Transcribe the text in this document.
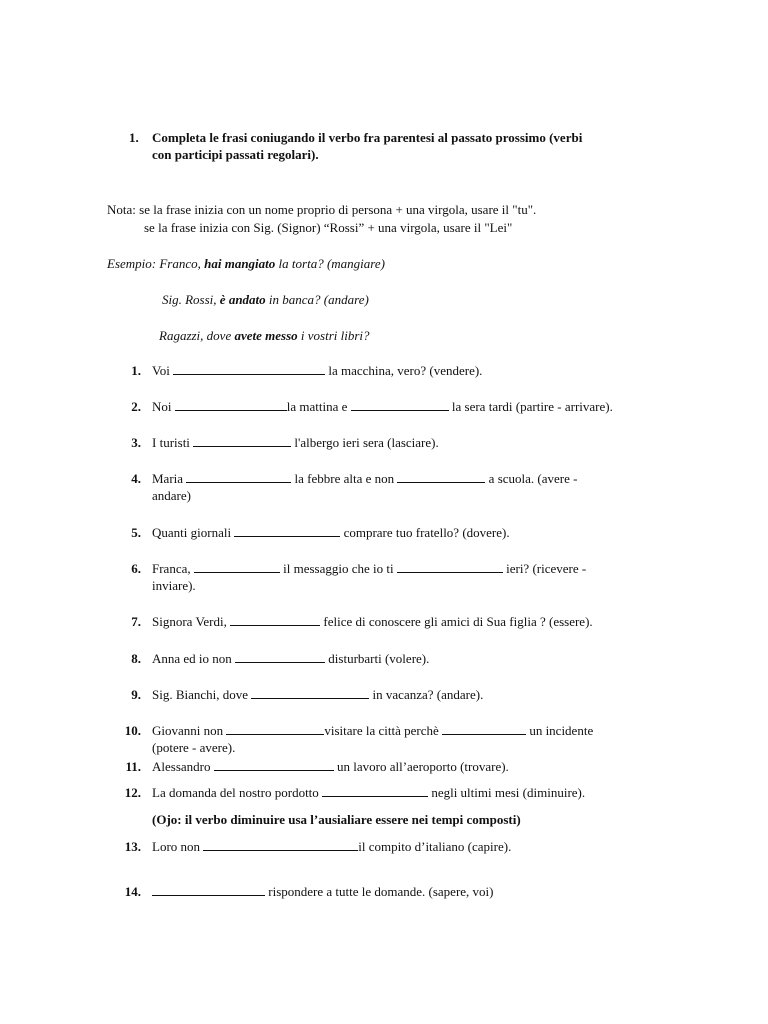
1. Completa le frasi coniugando il verbo fra parentesi al passato prossimo (verbi
con participi passati regolari).
Nota: se la frase inizia con un nome proprio di persona + una virgola, usare il "tu".
se la frase inizia con Sig. (Signor) “Rossi” + una virgola, usare il "Lei"
Esempio: Franco, hai mangiato la torta? (mangiare)
Sig. Rossi, è andato in banca? (andare)
Ragazzi, dove avete messo i vostri libri?
1. Voi	la macchina, vero? (vendere).
2. Noi	la mattina e	la sera tardi (partire - arrivare).
3. I turisti	l'albergo ieri sera (lasciare).
4. Maria	la febbre alta e non	a scuola. (avere -
andare)
5. Quanti giornali	comprare tuo fratello? (dovere).
6. Franca,	il messaggio che io ti	ieri? (ricevere -
inviare).
7. Signora Verdi,	felice di conoscere gli amici di Sua figlia ? (essere).
8. Anna ed io non	disturbarti (volere).
9. Sig. Bianchi, dove	in vacanza? (andare).
10. Giovanni non	visitare la città perchè	un incidente
(potere - avere).
11. Alessandro	un lavoro all’aeroporto (trovare).
12. La domanda del nostro pordotto	negli ultimi mesi (diminuire).
(Ojo: il verbo diminuire usa l’ausialiare essere nei tempi composti)
13. Loro non	il compito d’italiano (capire).
14.	rispondere a tutte le domande. (sapere, voi)
